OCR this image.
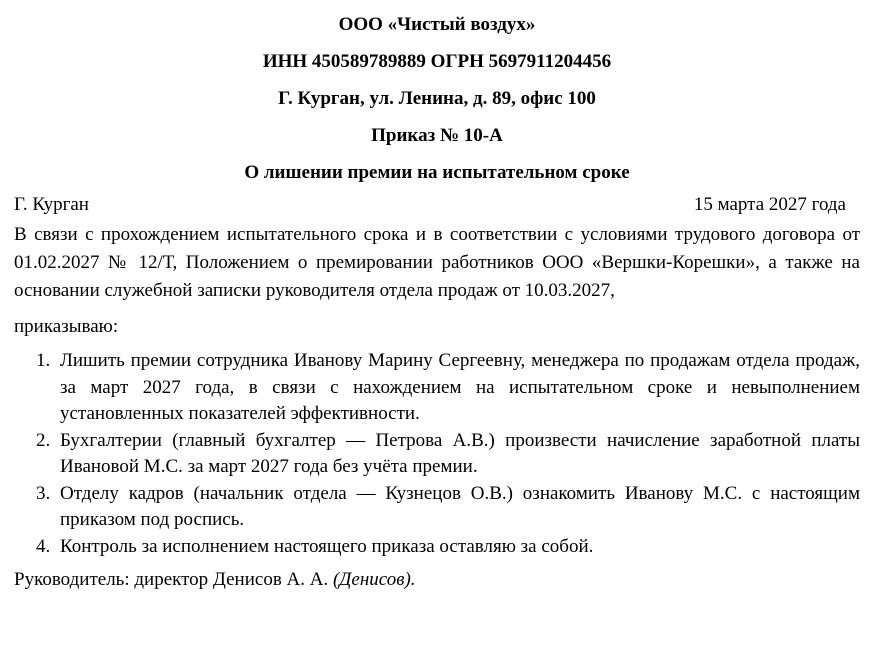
ООО «Чистый воздух»
ИНН 450589789889 ОГРН 5697911204456
Г. Курган, ул. Ленина, д. 89, офис 100
Приказ № 10-А
О лишении премии на испытательном сроке
Г. Курган	15 марта 2027 года
В связи с прохождением испытательного срока и в соответствии с условиями трудового договора от 01.02.2027 № 12/Т, Положением о премировании работников ООО «Вершки-Корешки», а также на основании служебной записки руководителя отдела продаж от 10.03.2027,
приказываю:
1. Лишить премии сотрудника Иванову Марину Сергеевну, менеджера по продажам отдела продаж, за март 2027 года, в связи с нахождением на испытательном сроке и невыполнением установленных показателей эффективности.
2. Бухгалтерии (главный бухгалтер — Петрова А.В.) произвести начисление заработной платы Ивановой М.С. за март 2027 года без учёта премии.
3. Отделу кадров (начальник отдела — Кузнецов О.В.) ознакомить Иванову М.С. с настоящим приказом под роспись.
4. Контроль за исполнением настоящего приказа оставляю за собой.
Руководитель: директор Денисов А. А. (Денисов).
